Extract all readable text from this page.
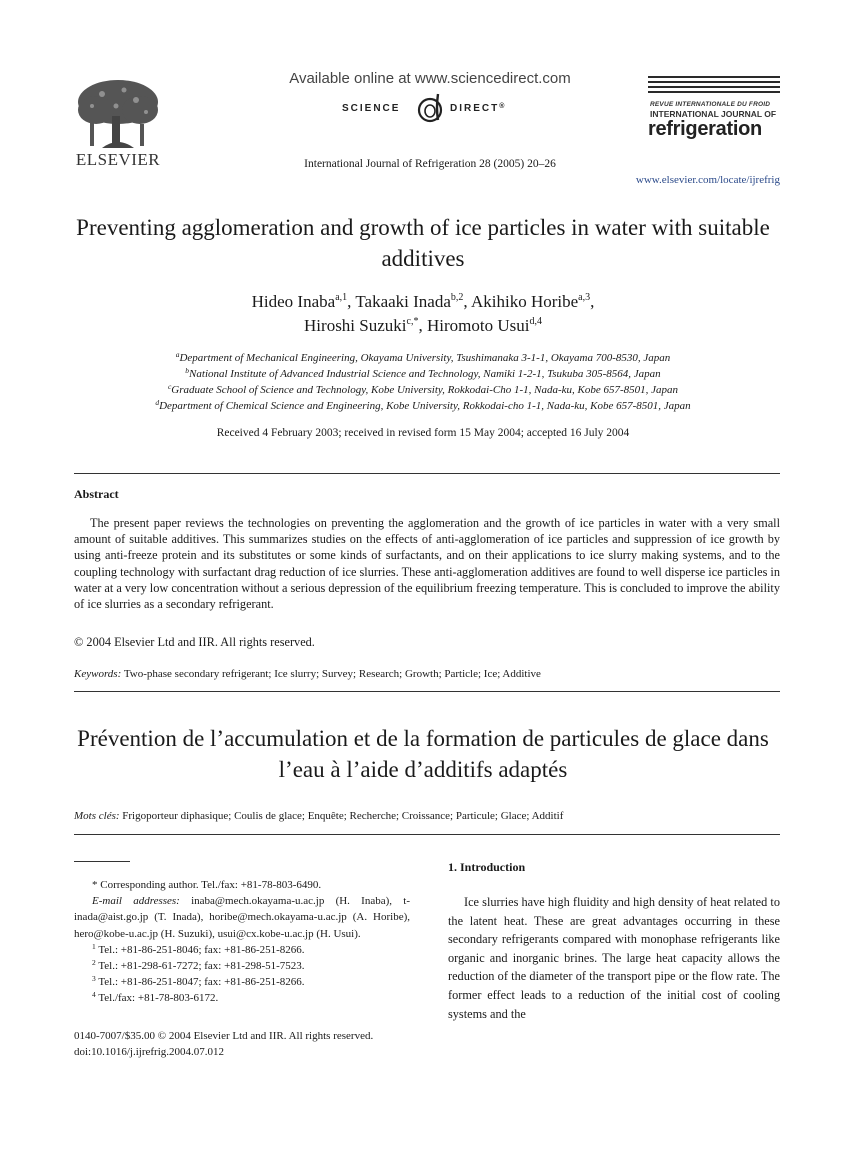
ELSEVIER
Available online at www.sciencedirect.com
SCIENCE	DIRECT®
International Journal of Refrigeration 28 (2005) 20–26
REVUE INTERNATIONALE DU FROID
INTERNATIONAL JOURNAL OF
refrigeration
www.elsevier.com/locate/ijrefrig
Preventing agglomeration and growth of ice particles in water with suitable additives
Hideo Inaba$^{a,1}$, Takaaki Inada$^{b,2}$, Akihiko Horibe$^{a,3}$,
Hiroshi Suzuki$^{c,*}$, Hiromoto Usui$^{d,4}$
$^a$Department of Mechanical Engineering, Okayama University, Tsushimanaka 3-1-1, Okayama 700-8530, Japan
$^b$National Institute of Advanced Industrial Science and Technology, Namiki 1-2-1, Tsukuba 305-8564, Japan
$^c$Graduate School of Science and Technology, Kobe University, Rokkodai-Cho 1-1, Nada-ku, Kobe 657-8501, Japan
$^d$Department of Chemical Science and Engineering, Kobe University, Rokkodai-cho 1-1, Nada-ku, Kobe 657-8501, Japan
Received 4 February 2003; received in revised form 15 May 2004; accepted 16 July 2004
Abstract
The present paper reviews the technologies on preventing the agglomeration and the growth of ice particles in water with a very small amount of suitable additives. This summarizes studies on the effects of anti-agglomeration of ice particles and suppression of ice growth by using anti-freeze protein and its substitutes or some kinds of surfactants, and on their applications to ice slurry making systems, and to the coupling technology with surfactant drag reduction of ice slurries. These anti-agglomeration additives are found to well disperse ice particles in water at a very low concentration without a serious depression of the equilibrium freezing temperature. This is concluded to improve the ability of ice slurries as a secondary refrigerant.
© 2004 Elsevier Ltd and IIR. All rights reserved.
Keywords: Two-phase secondary refrigerant; Ice slurry; Survey; Research; Growth; Particle; Ice; Additive
Prévention de l’accumulation et de la formation de particules de glace dans l’eau à l’aide d’additifs adaptés
Mots clés: Frigoporteur diphasique; Coulis de glace; Enquête; Recherche; Croissance; Particule; Glace; Additif
* Corresponding author. Tel./fax: +81-78-803-6490.
E-mail addresses: inaba@mech.okayama-u.ac.jp (H. Inaba), t-inada@aist.go.jp (T. Inada), horibe@mech.okayama-u.ac.jp (A. Horibe), hero@kobe-u.ac.jp (H. Suzuki), usui@cx.kobe-u.ac.jp (H. Usui).
$^1$ Tel.: +81-86-251-8046; fax: +81-86-251-8266.
$^2$ Tel.: +81-298-61-7272; fax: +81-298-51-7523.
$^3$ Tel.: +81-86-251-8047; fax: +81-86-251-8266.
$^4$ Tel./fax: +81-78-803-6172.
0140-7007/$35.00 © 2004 Elsevier Ltd and IIR. All rights reserved.
doi:10.1016/j.ijrefrig.2004.07.012
1. Introduction
Ice slurries have high fluidity and high density of heat related to the latent heat. These are great advantages occurring in these secondary refrigerants compared with monophase refrigerants like organic and inorganic brines. The large heat capacity allows the reduction of the diameter of the transport pipe or the flow rate. The former effect leads to a reduction of the initial cost of cooling systems and the
